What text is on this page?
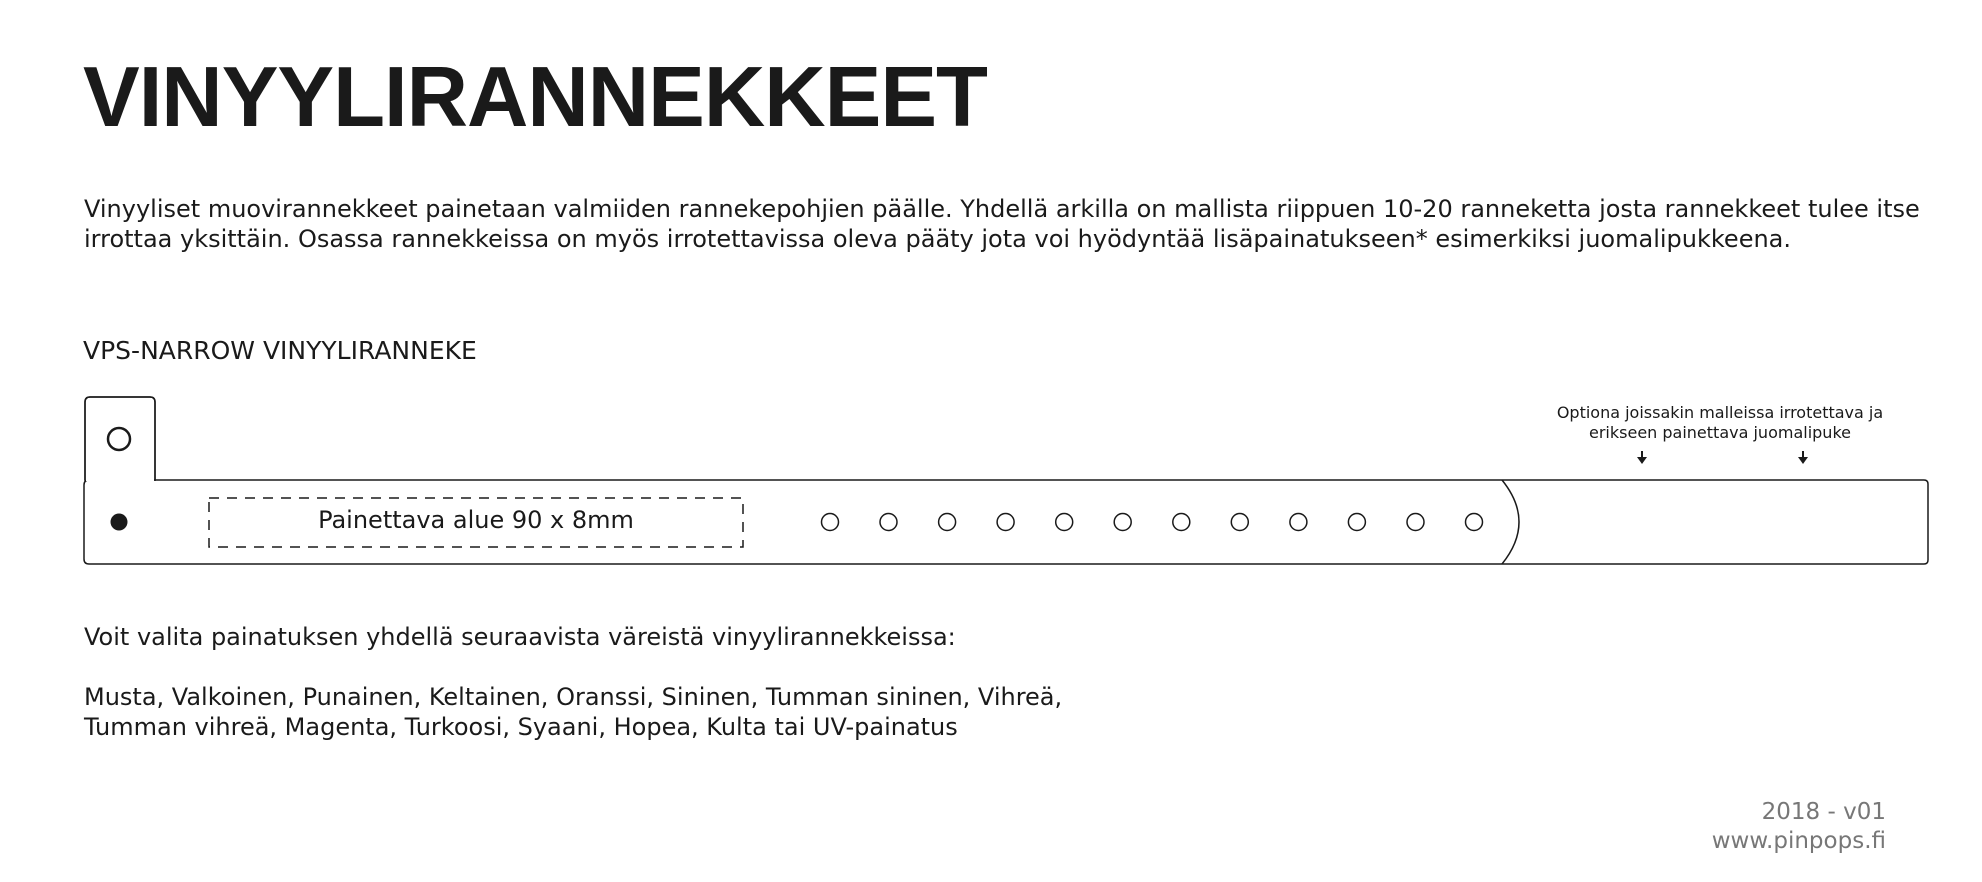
VINYYLIRANNEKKEET

Vinyyliset muovirannekkeet painetaan valmiiden rannekepohjien päälle. Yhdellä arkilla on mallista riippuen 10-20 ranneketta josta rannekkeet tulee itse
irrottaa yksittäin. Osassa rannekkeissa on myös irrotettavissa oleva pääty jota voi hyödyntää lisäpainatukseen* esimerkiksi juomalipukkeena.

VPS-NARROW VINYYLIRANNEKE
Painettava alue 90 x 8mm
Optiona joissakin malleissa irrotettava ja
erikseen painettava juomalipuke

Voit valita painatuksen yhdellä seuraavista väreistä vinyylirannekkeissa:

Musta, Valkoinen, Punainen, Keltainen, Oranssi, Sininen, Tumman sininen, Vihreä,
Tumman vihreä, Magenta, Turkoosi, Syaani, Hopea, Kulta tai UV-painatus

2018 - v01
www.pinpops.fi
